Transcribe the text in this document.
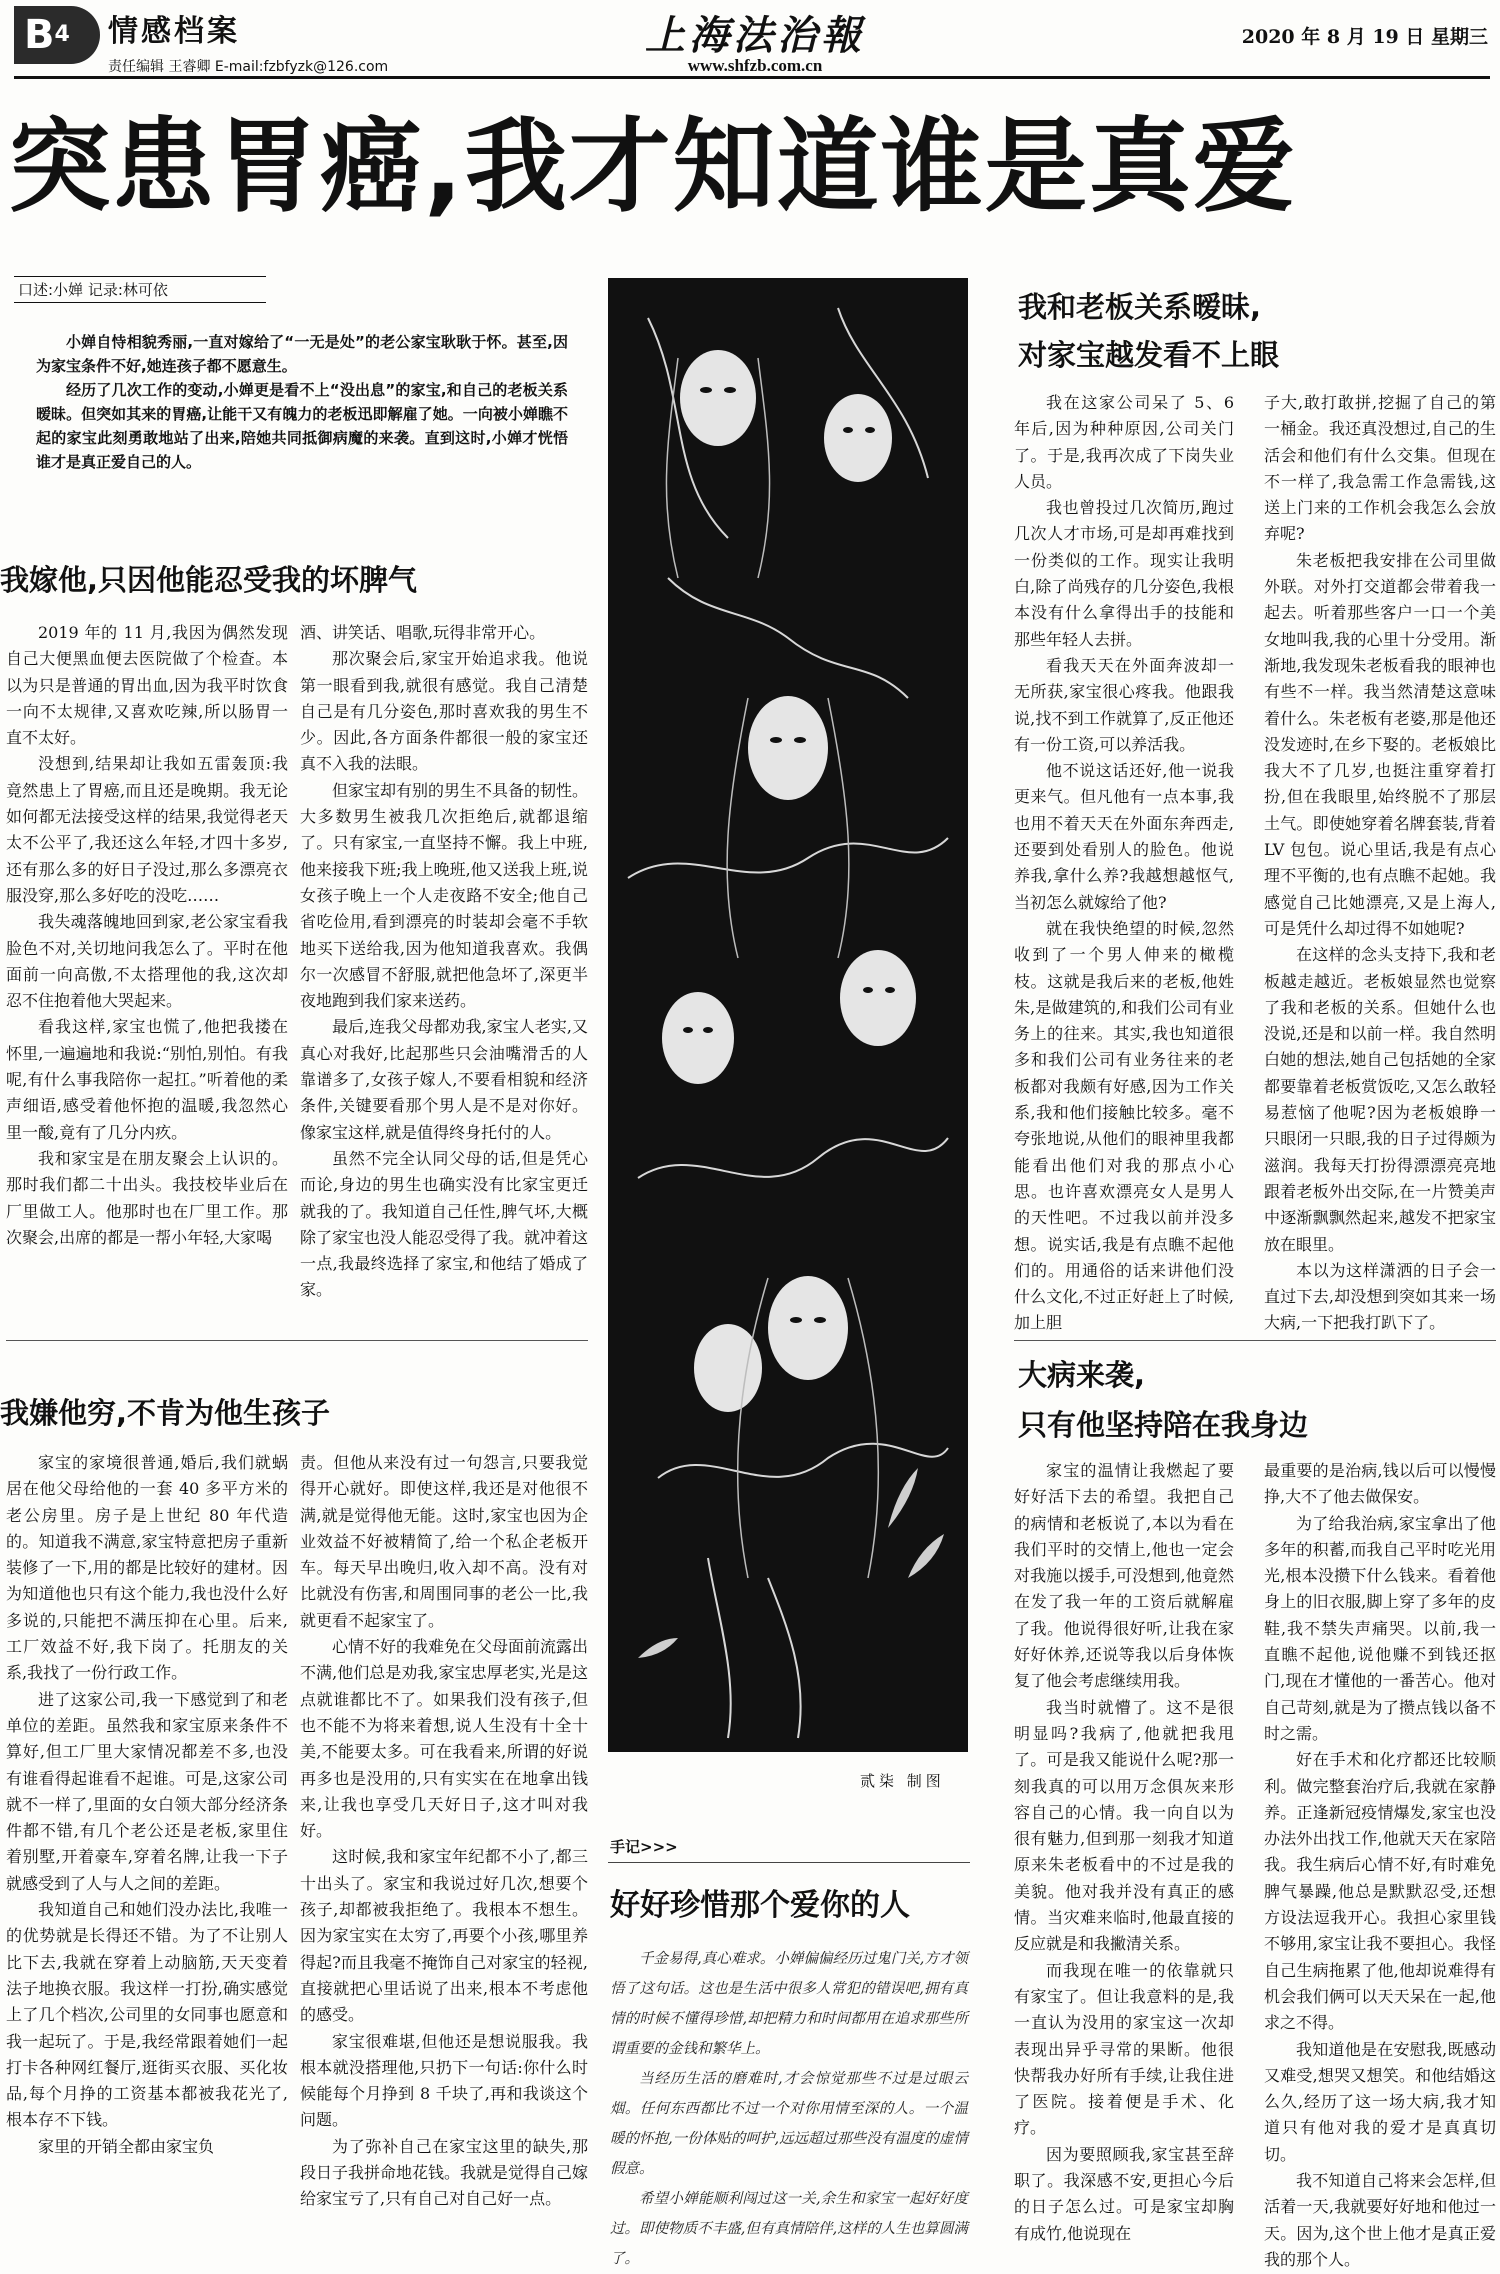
B4	情感档案
责任编辑 王睿卿 E-mail:fzbfyzk@126.com
上海法治報
www.shfzb.com.cn
2020 年 8 月 19 日 星期三
突患胃癌,我才知道谁是真爱
口述:小婵 记录:林可依

小婵自恃相貌秀丽,一直对嫁给了“一无是处”的老公家宝耿耿于怀。甚至,因为家宝条件不好,她连孩子都不愿意生。

经历了几次工作的变动,小婵更是看不上“没出息”的家宝,和自己的老板关系暧昧。但突如其来的胃癌,让能干又有魄力的老板迅即解雇了她。一向被小婵瞧不起的家宝此刻勇敢地站了出来,陪她共同抵御病魔的来袭。直到这时,小婵才恍悟谁才是真正爱自己的人。

我嫁他,只因他能忍受我的坏脾气

2019 年的 11 月,我因为偶然发现自己大便黑血便去医院做了个检查。本以为只是普通的胃出血,因为我平时饮食一向不太规律,又喜欢吃辣,所以肠胃一直不太好。

没想到,结果却让我如五雷轰顶:我竟然患上了胃癌,而且还是晚期。我无论如何都无法接受这样的结果,我觉得老天太不公平了,我还这么年轻,才四十多岁,还有那么多的好日子没过,那么多漂亮衣服没穿,那么多好吃的没吃……

我失魂落魄地回到家,老公家宝看我脸色不对,关切地问我怎么了。平时在他面前一向高傲,不太搭理他的我,这次却忍不住抱着他大哭起来。

看我这样,家宝也慌了,他把我搂在怀里,一遍遍地和我说:“别怕,别怕。有我呢,有什么事我陪你一起扛。”听着他的柔声细语,感受着他怀抱的温暖,我忽然心里一酸,竟有了几分内疚。

我和家宝是在朋友聚会上认识的。那时我们都二十出头。我技校毕业后在厂里做工人。他那时也在厂里工作。那次聚会,出席的都是一帮小年轻,大家喝

酒、讲笑话、唱歌,玩得非常开心。

那次聚会后,家宝开始追求我。他说第一眼看到我,就很有感觉。我自己清楚自己是有几分姿色,那时喜欢我的男生不少。因此,各方面条件都很一般的家宝还真不入我的法眼。

但家宝却有别的男生不具备的韧性。大多数男生被我几次拒绝后,就都退缩了。只有家宝,一直坚持不懈。我上中班,他来接我下班;我上晚班,他又送我上班,说女孩子晚上一个人走夜路不安全;他自己省吃俭用,看到漂亮的时装却会毫不手软地买下送给我,因为他知道我喜欢。我偶尔一次感冒不舒服,就把他急坏了,深更半夜地跑到我们家来送药。

最后,连我父母都劝我,家宝人老实,又真心对我好,比起那些只会油嘴滑舌的人靠谱多了,女孩子嫁人,不要看相貌和经济条件,关键要看那个男人是不是对你好。像家宝这样,就是值得终身托付的人。

虽然不完全认同父母的话,但是凭心而论,身边的男生也确实没有比家宝更迁就我的了。我知道自己任性,脾气坏,大概除了家宝也没人能忍受得了我。就冲着这一点,我最终选择了家宝,和他结了婚成了家。

我嫌他穷,不肯为他生孩子

家宝的家境很普通,婚后,我们就蜗居在他父母给他的一套 40 多平方米的老公房里。房子是上世纪 80 年代造的。知道我不满意,家宝特意把房子重新装修了一下,用的都是比较好的建材。因为知道他也只有这个能力,我也没什么好多说的,只能把不满压抑在心里。后来,工厂效益不好,我下岗了。托朋友的关系,我找了一份行政工作。

进了这家公司,我一下感觉到了和老单位的差距。虽然我和家宝原来条件不算好,但工厂里大家情况都差不多,也没有谁看得起谁看不起谁。可是,这家公司就不一样了,里面的女白领大部分经济条件都不错,有几个老公还是老板,家里住着别墅,开着豪车,穿着名牌,让我一下子就感受到了人与人之间的差距。

我知道自己和她们没办法比,我唯一的优势就是长得还不错。为了不让别人比下去,我就在穿着上动脑筋,天天变着法子地换衣服。我这样一打扮,确实感觉上了几个档次,公司里的女同事也愿意和我一起玩了。于是,我经常跟着她们一起打卡各种网红餐厅,逛街买衣服、买化妆品,每个月挣的工资基本都被我花光了,根本存不下钱。

家里的开销全都由家宝负

责。但他从来没有过一句怨言,只要我觉得开心就好。即使这样,我还是对他很不满,就是觉得他无能。这时,家宝也因为企业效益不好被精简了,给一个私企老板开车。每天早出晚归,收入却不高。没有对比就没有伤害,和周围同事的老公一比,我就更看不起家宝了。

心情不好的我难免在父母面前流露出不满,他们总是劝我,家宝忠厚老实,光是这点就谁都比不了。如果我们没有孩子,但也不能不为将来着想,说人生没有十全十美,不能要太多。可在我看来,所谓的好说再多也是没用的,只有实实在在地拿出钱来,让我也享受几天好日子,这才叫对我好。

这时候,我和家宝年纪都不小了,都三十出头了。家宝和我说过好几次,想要个孩子,却都被我拒绝了。我根本不想生。因为家宝实在太穷了,再要个小孩,哪里养得起?而且我毫不掩饰自己对家宝的轻视,直接就把心里话说了出来,根本不考虑他的感受。

家宝很难堪,但他还是想说服我。我根本就没搭理他,只扔下一句话:你什么时候能每个月挣到 8 千块了,再和我谈这个问题。

为了弥补自己在家宝这里的缺失,那段日子我拼命地花钱。我就是觉得自己嫁给家宝亏了,只有自己对自己好一点。

贰柒 制图
手记>>>
好好珍惜那个爱你的人

千金易得,真心难求。小婵偏偏经历过鬼门关,方才领悟了这句话。这也是生活中很多人常犯的错误吧,拥有真情的时候不懂得珍惜,却把精力和时间都用在追求那些所谓重要的金钱和繁华上。

当经历生活的磨难时,才会惊觉那些不过是过眼云烟。任何东西都比不过一个对你用情至深的人。一个温暖的怀抱,一份体贴的呵护,远远超过那些没有温度的虚情假意。

希望小婵能顺利闯过这一关,余生和家宝一起好好度过。即使物质不丰盛,但有真情陪伴,这样的人生也算圆满了。

我和老板关系暧昧,
对家宝越发看不上眼

我在这家公司呆了 5、6 年后,因为种种原因,公司关门了。于是,我再次成了下岗失业人员。

我也曾投过几次简历,跑过几次人才市场,可是却再难找到一份类似的工作。现实让我明白,除了尚残存的几分姿色,我根本没有什么拿得出手的技能和那些年轻人去拼。

看我天天在外面奔波却一无所获,家宝很心疼我。他跟我说,找不到工作就算了,反正他还有一份工资,可以养活我。

他不说这话还好,他一说我更来气。但凡他有一点本事,我也用不着天天在外面东奔西走,还要到处看别人的脸色。他说养我,拿什么养?我越想越怄气,当初怎么就嫁给了他?

就在我快绝望的时候,忽然收到了一个男人伸来的橄榄枝。这就是我后来的老板,他姓朱,是做建筑的,和我们公司有业务上的往来。其实,我也知道很多和我们公司有业务往来的老板都对我颇有好感,因为工作关系,我和他们接触比较多。毫不夸张地说,从他们的眼神里我都能看出他们对我的那点小心思。也许喜欢漂亮女人是男人的天性吧。不过我以前并没多想。说实话,我是有点瞧不起他们的。用通俗的话来讲他们没什么文化,不过正好赶上了时候,加上胆

子大,敢打敢拼,挖掘了自己的第一桶金。我还真没想过,自己的生活会和他们有什么交集。但现在不一样了,我急需工作急需钱,这送上门来的工作机会我怎么会放弃呢?

朱老板把我安排在公司里做外联。对外打交道都会带着我一起去。听着那些客户一口一个美女地叫我,我的心里十分受用。渐渐地,我发现朱老板看我的眼神也有些不一样。我当然清楚这意味着什么。朱老板有老婆,那是他还没发迹时,在乡下娶的。老板娘比我大不了几岁,也挺注重穿着打扮,但在我眼里,始终脱不了那层土气。即使她穿着名牌套装,背着 LV 包包。说心里话,我是有点心理不平衡的,也有点瞧不起她。我感觉自己比她漂亮,又是上海人,可是凭什么却过得不如她呢?

在这样的念头支持下,我和老板越走越近。老板娘显然也觉察了我和老板的关系。但她什么也没说,还是和以前一样。我自然明白她的想法,她自己包括她的全家都要靠着老板赏饭吃,又怎么敢轻易惹恼了他呢?因为老板娘睁一只眼闭一只眼,我的日子过得颇为滋润。我每天打扮得漂漂亮亮地跟着老板外出交际,在一片赞美声中逐渐飘飘然起来,越发不把家宝放在眼里。

本以为这样潇洒的日子会一直过下去,却没想到突如其来一场大病,一下把我打趴下了。

大病来袭,
只有他坚持陪在我身边

家宝的温情让我燃起了要好好活下去的希望。我把自己的病情和老板说了,本以为看在我们平时的交情上,他也一定会对我施以援手,可没想到,他竟然在发了我一年的工资后就解雇了我。他说得很好听,让我在家好好休养,还说等我以后身体恢复了他会考虑继续用我。

我当时就懵了。这不是很明显吗?我病了,他就把我甩了。可是我又能说什么呢?那一刻我真的可以用万念俱灰来形容自己的心情。我一向自以为很有魅力,但到那一刻我才知道原来朱老板看中的不过是我的美貌。他对我并没有真正的感情。当灾难来临时,他最直接的反应就是和我撇清关系。

而我现在唯一的依靠就只有家宝了。但让我意料的是,我一直认为没用的家宝这一次却表现出异乎寻常的果断。他很快帮我办好所有手续,让我住进了医院。接着便是手术、化疗。

因为要照顾我,家宝甚至辞职了。我深感不安,更担心今后的日子怎么过。可是家宝却胸有成竹,他说现在

最重要的是治病,钱以后可以慢慢挣,大不了他去做保安。

为了给我治病,家宝拿出了他多年的积蓄,而我自己平时吃光用光,根本没攒下什么钱来。看着他身上的旧衣服,脚上穿了多年的皮鞋,我不禁失声痛哭。以前,我一直瞧不起他,说他赚不到钱还抠门,现在才懂他的一番苦心。他对自己苛刻,就是为了攒点钱以备不时之需。

好在手术和化疗都还比较顺利。做完整套治疗后,我就在家静养。正逢新冠疫情爆发,家宝也没办法外出找工作,他就天天在家陪我。我生病后心情不好,有时难免脾气暴躁,他总是默默忍受,还想方设法逗我开心。我担心家里钱不够用,家宝让我不要担心。我怪自己生病拖累了他,他却说难得有机会我们俩可以天天呆在一起,他求之不得。

我知道他是在安慰我,既感动又难受,想哭又想笑。和他结婚这么久,经历了这一场大病,我才知道只有他对我的爱才是真真切切。

我不知道自己将来会怎样,但活着一天,我就要好好地和他过一天。因为,这个世上他才是真正爱我的那个人。
